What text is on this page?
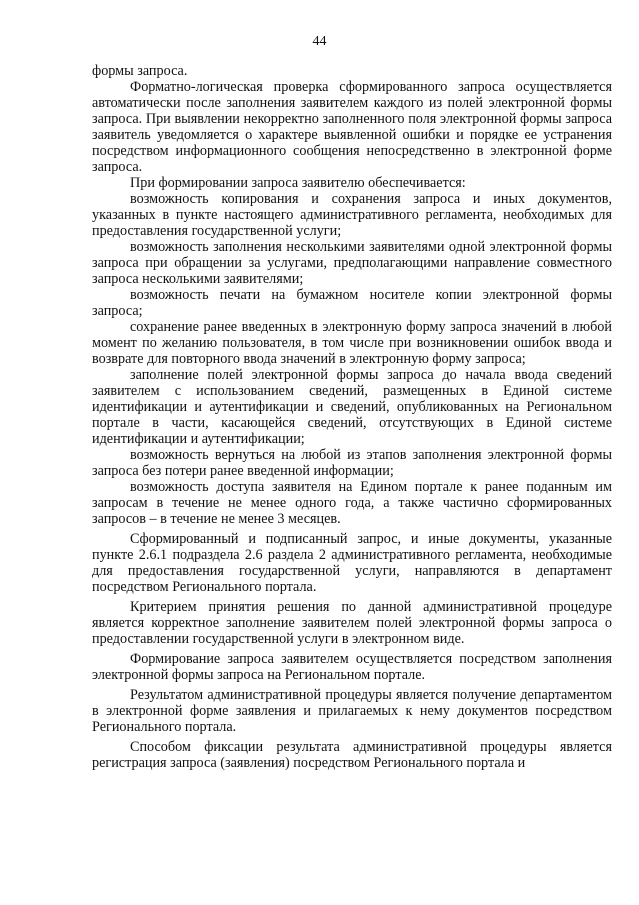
44

формы запроса.

Форматно-логическая проверка сформированного запроса осуществляется автоматически после заполнения заявителем каждого из полей электронной формы запроса. При выявлении некорректно заполненного поля электронной формы запроса заявитель уведомляется о характере выявленной ошибки и порядке ее устранения посредством информационного сообщения непосредственно в электронной форме запроса.

При формировании запроса заявителю обеспечивается:

возможность копирования и сохранения запроса и иных документов, указанных в пункте настоящего административного регламента, необходимых для предоставления государственной услуги;

возможность заполнения несколькими заявителями одной электронной формы запроса при обращении за услугами, предполагающими направление совместного запроса несколькими заявителями;

возможность печати на бумажном носителе копии электронной формы запроса;

сохранение ранее введенных в электронную форму запроса значений в любой момент по желанию пользователя, в том числе при возникновении ошибок ввода и возврате для повторного ввода значений в электронную форму запроса;

заполнение полей электронной формы запроса до начала ввода сведений заявителем с использованием сведений, размещенных в Единой системе идентификации и аутентификации и сведений, опубликованных на Региональном портале в части, касающейся сведений, отсутствующих в Единой системе идентификации и аутентификации;

возможность вернуться на любой из этапов заполнения электронной формы запроса без потери ранее введенной информации;

возможность доступа заявителя на Едином портале к ранее поданным им запросам в течение не менее одного года, а также частично сформированных запросов – в течение не менее 3 месяцев.

Сформированный и подписанный запрос, и иные документы, указанные пункте 2.6.1 подраздела 2.6 раздела 2 административного регламента, необходимые для предоставления государственной услуги, направляются в департамент посредством Регионального портала.

Критерием принятия решения по данной административной процедуре является корректное заполнение заявителем полей электронной формы запроса о предоставлении государственной услуги в электронном виде.

Формирование запроса заявителем осуществляется посредством заполнения электронной формы запроса на Региональном портале.

Результатом административной процедуры является получение департаментом в электронной форме заявления и прилагаемых к нему документов посредством Регионального портала.

Способом фиксации результата административной процедуры является регистрация запроса (заявления) посредством Регионального портала и
